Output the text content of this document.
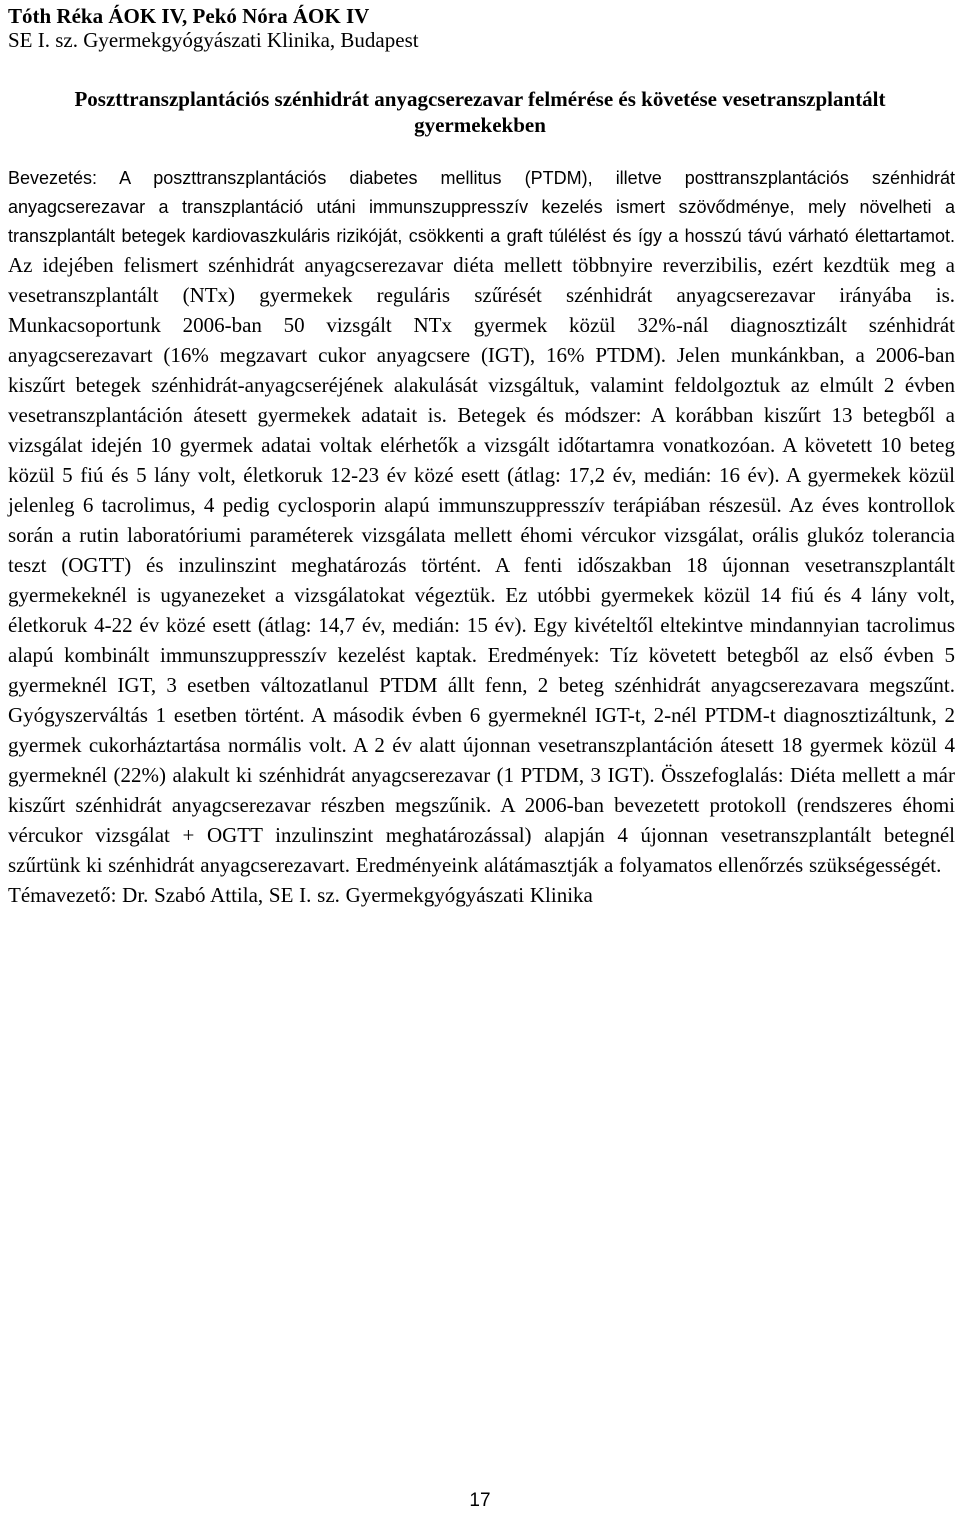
Tóth Réka ÁOK IV, Pekó Nóra ÁOK IV
SE I. sz. Gyermekgyógyászati Klinika, Budapest
Poszttranszplantációs szénhidrát anyagcserezavar felmérése és követése vesetranszplantált gyermekekben
Bevezetés: A poszttranszplantációs diabetes mellitus (PTDM), illetve posttranszplantációs szénhidrát anyagcserezavar a transzplantáció utáni immunszuppresszív kezelés ismert szövődménye, mely növelheti a transzplantált betegek kardiovaszkuláris rizikóját, csökkenti a graft túlélést és így a hosszú távú várható élettartamot. Az idejében felismert szénhidrát anyagcserezavar diéta mellett többnyire reverzibilis, ezért kezdtük meg a vesetranszplantált (NTx) gyermekek reguláris szűrését szénhidrát anyagcserezavar irányába is. Munkacsoportunk 2006-ban 50 vizsgált NTx gyermek közül 32%-nál diagnosztizált szénhidrát anyagcserezavart (16% megzavart cukor anyagcsere (IGT), 16% PTDM). Jelen munkánkban, a 2006-ban kiszűrt betegek szénhidrát-anyagcseréjének alakulását vizsgáltuk, valamint feldolgoztuk az elmúlt 2 évben vesetranszplantáción átesett gyermekek adatait is. Betegek és módszer: A korábban kiszűrt 13 betegből a vizsgálat idején 10 gyermek adatai voltak elérhetők a vizsgált időtartamra vonatkozóan. A követett 10 beteg közül 5 fiú és 5 lány volt, életkoruk 12-23 év közé esett (átlag: 17,2 év, medián: 16 év). A gyermekek közül jelenleg 6 tacrolimus, 4 pedig cyclosporin alapú immunszuppresszív terápiában részesül. Az éves kontrollok során a rutin laboratóriumi paraméterek vizsgálata mellett éhomi vércukor vizsgálat, orális glukóz tolerancia teszt (OGTT) és inzulinszint meghatározás történt. A fenti időszakban 18 újonnan vesetranszplantált gyermekeknél is ugyanezeket a vizsgálatokat végeztük. Ez utóbbi gyermekek közül 14 fiú és 4 lány volt, életkoruk 4-22 év közé esett (átlag: 14,7 év, medián: 15 év). Egy kivételtől eltekintve mindannyian tacrolimus alapú kombinált immunszuppresszív kezelést kaptak. Eredmények: Tíz követett betegből az első évben 5 gyermeknél IGT, 3 esetben változatlanul PTDM állt fenn, 2 beteg szénhidrát anyagcserezavara megszűnt. Gyógyszerváltás 1 esetben történt. A második évben 6 gyermeknél IGT-t, 2-nél PTDM-t diagnosztizáltunk, 2 gyermek cukorháztartása normális volt. A 2 év alatt újonnan vesetranszplantáción átesett 18 gyermek közül 4 gyermeknél (22%) alakult ki szénhidrát anyagcserezavar (1 PTDM, 3 IGT). Összefoglalás: Diéta mellett a már kiszűrt szénhidrát anyagcserezavar részben megszűnik. A 2006-ban bevezetett protokoll (rendszeres éhomi vércukor vizsgálat + OGTT inzulinszint meghatározással) alapján 4 újonnan vesetranszplantált betegnél szűrtünk ki szénhidrát anyagcserezavart. Eredményeink alátámasztják a folyamatos ellenőrzés szükségességét.
Témavezető: Dr. Szabó Attila, SE I. sz. Gyermekgyógyászati Klinika
17
